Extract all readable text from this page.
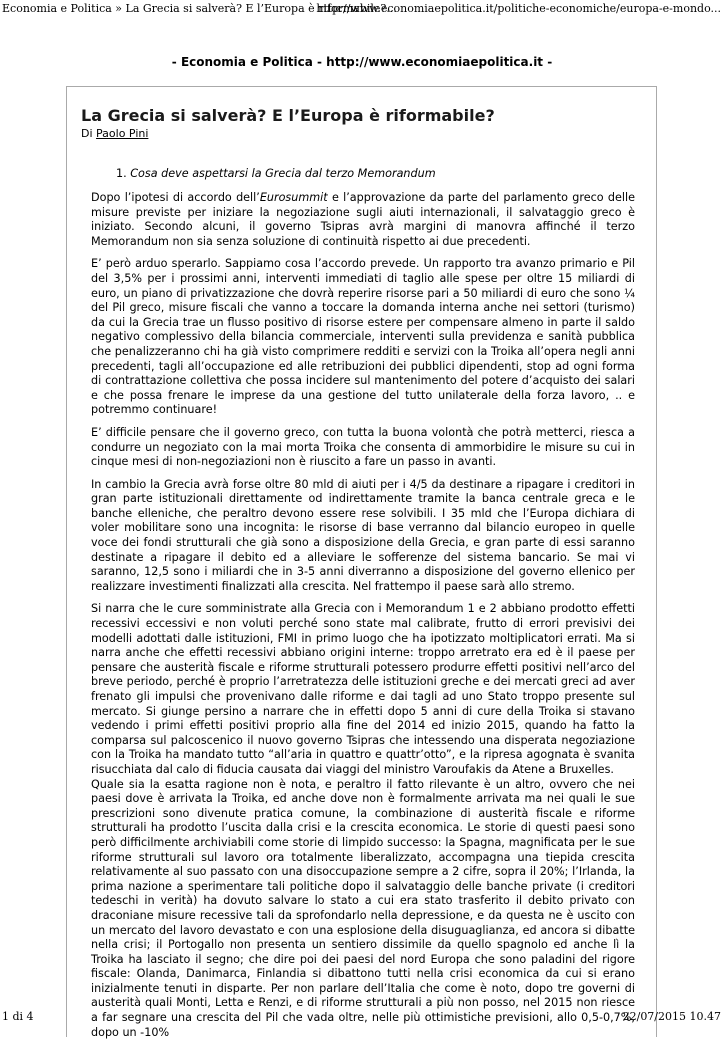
Economia e Politica » La Grecia si salverà? E l’Europa è riformabile?...
http://www.economiaepolitica.it/politiche-economiche/europa-e-mondo...
- Economia e Politica - http://www.economiaepolitica.it -
La Grecia si salverà? E l’Europa è riformabile?
Di Paolo Pini
1. Cosa deve aspettarsi la Grecia dal terzo Memorandum

Dopo l’ipotesi di accordo dell’Eurosummit e l’approvazione da parte del parlamento greco delle misure previste per iniziare la negoziazione sugli aiuti internazionali, il salvataggio greco è iniziato. Secondo alcuni, il governo Tsipras avrà margini di manovra affinché il terzo Memorandum non sia senza soluzione di continuità rispetto ai due precedenti.

E’ però arduo sperarlo. Sappiamo cosa l’accordo prevede. Un rapporto tra avanzo primario e Pil del 3,5% per i prossimi anni, interventi immediati di taglio alle spese per oltre 15 miliardi di euro, un piano di privatizzazione che dovrà reperire risorse pari a 50 miliardi di euro che sono ¼ del Pil greco, misure fiscali che vanno a toccare la domanda interna anche nei settori (turismo) da cui la Grecia trae un flusso positivo di risorse estere per compensare almeno in parte il saldo negativo complessivo della bilancia commerciale, interventi sulla previdenza e sanità pubblica che penalizzeranno chi ha già visto comprimere redditi e servizi con la Troika all’opera negli anni precedenti, tagli all’occupazione ed alle retribuzioni dei pubblici dipendenti, stop ad ogni forma di contrattazione collettiva che possa incidere sul mantenimento del potere d’acquisto dei salari e che possa frenare le imprese da una gestione del tutto unilaterale della forza lavoro, .. e potremmo continuare!

E’ difficile pensare che il governo greco, con tutta la buona volontà che potrà metterci, riesca a condurre un negoziato con la mai morta Troika che consenta di ammorbidire le misure su cui in cinque mesi di non-negoziazioni non è riuscito a fare un passo in avanti.

In cambio la Grecia avrà forse oltre 80 mld di aiuti per i 4/5 da destinare a ripagare i creditori in gran parte istituzionali direttamente od indirettamente tramite la banca centrale greca e le banche elleniche, che peraltro devono essere rese solvibili. I 35 mld che l’Europa dichiara di voler mobilitare sono una incognita: le risorse di base verranno dal bilancio europeo in quelle voce dei fondi strutturali che già sono a disposizione della Grecia, e gran parte di essi saranno destinate a ripagare il debito ed a alleviare le sofferenze del sistema bancario. Se mai vi saranno, 12,5 sono i miliardi che in 3-5 anni diverranno a disposizione del governo ellenico per realizzare investimenti finalizzati alla crescita. Nel frattempo il paese sarà allo stremo.

Si narra che le cure somministrate alla Grecia con i Memorandum 1 e 2 abbiano prodotto effetti recessivi eccessivi e non voluti perché sono state mal calibrate, frutto di errori previsivi dei modelli adottati dalle istituzioni, FMI in primo luogo che ha ipotizzato moltiplicatori errati. Ma si narra anche che effetti recessivi abbiano origini interne: troppo arretrato era ed è il paese per pensare che austerità fiscale e riforme strutturali potessero produrre effetti positivi nell’arco del breve periodo, perché è proprio l’arretratezza delle istituzioni greche e dei mercati greci ad aver frenato gli impulsi che provenivano dalle riforme e dai tagli ad uno Stato troppo presente sul mercato. Si giunge persino a narrare che in effetti dopo 5 anni di cure della Troika si stavano vedendo i primi effetti positivi proprio alla fine del 2014 ed inizio 2015, quando ha fatto la comparsa sul palcoscenico il nuovo governo Tsipras che intessendo una disperata negoziazione con la Troika ha mandato tutto “all’aria in quattro e quattr’otto”, e la ripresa agognata è svanita risucchiata dal calo di fiducia causata dai viaggi del ministro Varoufakis da Atene a Bruxelles.

Quale sia la esatta ragione non è nota, e peraltro il fatto rilevante è un altro, ovvero che nei paesi dove è arrivata la Troika, ed anche dove non è formalmente arrivata ma nei quali le sue prescrizioni sono divenute pratica comune, la combinazione di austerità fiscale e riforme strutturali ha prodotto l’uscita dalla crisi e la crescita economica. Le storie di questi paesi sono però difficilmente archiviabili come storie di limpido successo: la Spagna, magnificata per le sue riforme strutturali sul lavoro ora totalmente liberalizzato, accompagna una tiepida crescita relativamente al suo passato con una disoccupazione sempre a 2 cifre, sopra il 20%; l’Irlanda, la prima nazione a sperimentare tali politiche dopo il salvataggio delle banche private (i creditori tedeschi in verità) ha dovuto salvare lo stato a cui era stato trasferito il debito privato con draconiane misure recessive tali da sprofondarlo nella depressione, e da questa ne è uscito con un mercato del lavoro devastato e con una esplosione della disuguaglianza, ed ancora si dibatte nella crisi; il Portogallo non presenta un sentiero dissimile da quello spagnolo ed anche lì la Troika ha lasciato il segno; che dire poi dei paesi del nord Europa che sono paladini del rigore fiscale: Olanda, Danimarca, Finlandia si dibattono tutti nella crisi economica da cui si erano inizialmente tenuti in disparte. Per non parlare dell’Italia che come è noto, dopo tre governi di austerità quali Monti, Letta e Renzi, e di riforme strutturali a più non posso, nel 2015 non riesce a far segnare una crescita del Pil che vada oltre, nelle più ottimistiche previsioni, allo 0,5-0,7%, dopo un -10%

1 di 4	22/07/2015 10.47
